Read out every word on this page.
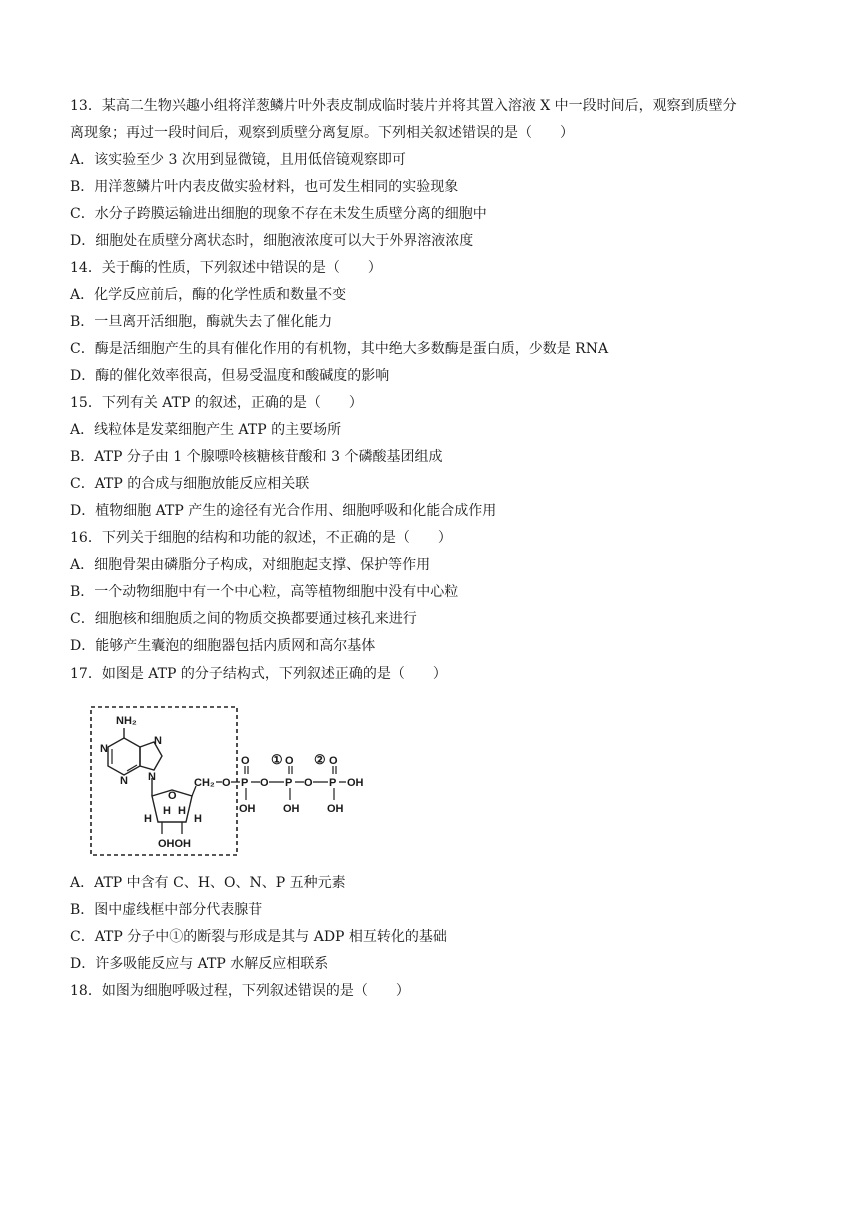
13．某高二生物兴趣小组将洋葱鳞片叶外表皮制成临时装片并将其置入溶液 X 中一段时间后，观察到质壁分
离现象；再过一段时间后，观察到质壁分离复原。下列相关叙述错误的是（　　）
A．该实验至少 3 次用到显微镜，且用低倍镜观察即可
B．用洋葱鳞片叶内表皮做实验材料，也可发生相同的实验现象
C．水分子跨膜运输进出细胞的现象不存在未发生质壁分离的细胞中
D．细胞处在质壁分离状态时，细胞液浓度可以大于外界溶液浓度
14．关于酶的性质，下列叙述中错误的是（　　）
A．化学反应前后，酶的化学性质和数量不变
B．一旦离开活细胞，酶就失去了催化能力
C．酶是活细胞产生的具有催化作用的有机物，其中绝大多数酶是蛋白质，少数是 RNA
D．酶的催化效率很高，但易受温度和酸碱度的影响
15．下列有关 ATP 的叙述，正确的是（　　）
A．线粒体是发菜细胞产生 ATP 的主要场所
B．ATP 分子由 1 个腺嘌呤核糖核苷酸和 3 个磷酸基团组成
C．ATP 的合成与细胞放能反应相关联
D．植物细胞 ATP 产生的途径有光合作用、细胞呼吸和化能合成作用
16．下列关于细胞的结构和功能的叙述，不正确的是（　　）
A．细胞骨架由磷脂分子构成，对细胞起支撑、保护等作用
B．一个动物细胞中有一个中心粒，高等植物细胞中没有中心粒
C．细胞核和细胞质之间的物质交换都要通过核孔来进行
D．能够产生囊泡的细胞器包括内质网和高尔基体
17．如图是 ATP 的分子结构式，下列叙述正确的是（　　）
NH₂
N
N
N
N
O
H
H H
H
OHOH
CH₂ O P
O
OH
O
①
P
O
OH
O
②
P
O
OH
OH
A．ATP 中含有 C、H、O、N、P 五种元素
B．图中虚线框中部分代表腺苷
C．ATP 分子中①的断裂与形成是其与 ADP 相互转化的基础
D．许多吸能反应与 ATP 水解反应相联系
18．如图为细胞呼吸过程，下列叙述错误的是（　　）
